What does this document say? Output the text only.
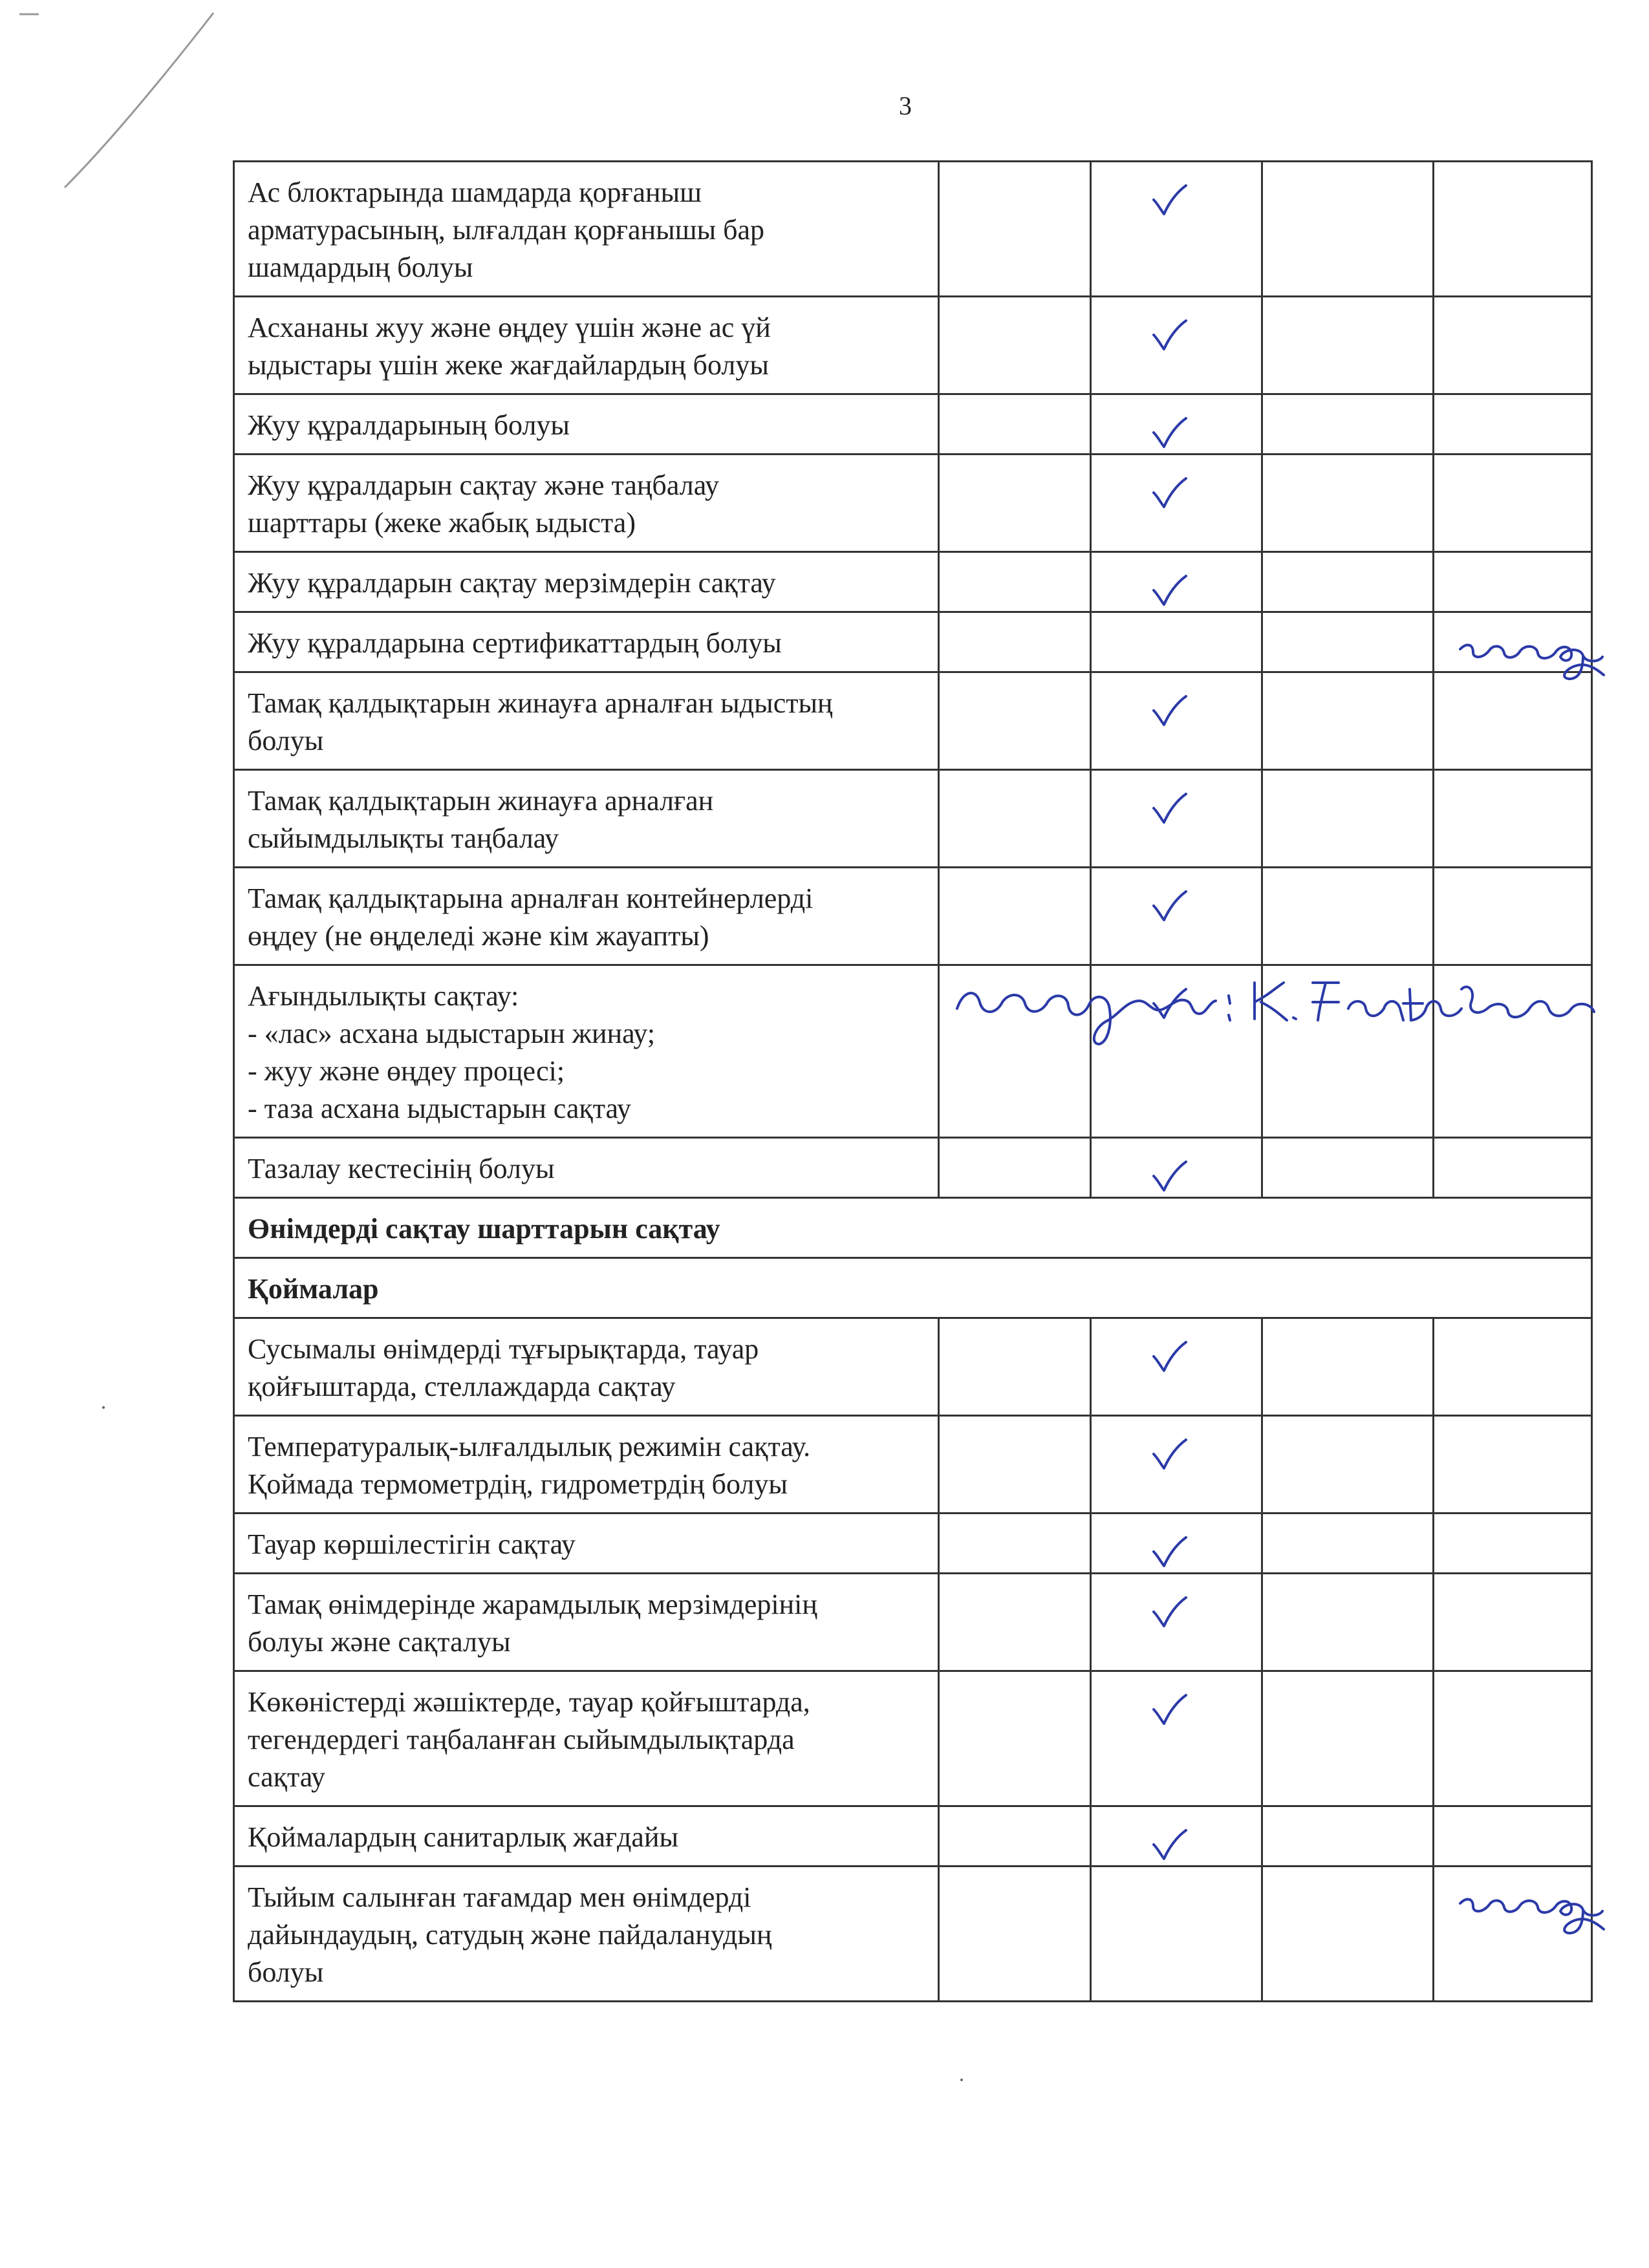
3
Ас блоктарында шамдарда қорғаныш
арматурасының, ылғалдан қорғанышы бар
шамдардың болуы		

Асхананы жуу және өңдеу үшін және ас үй
ыдыстары үшін жеке жағдайлардың болуы		

Жуу құралдарының болуы		

Жуу құралдарын сақтау және таңбалау
шарттары (жеке жабық ыдыста)		

Жуу құралдарын сақтау мерзімдерін сақтау		

Жуу құралдарына сертификаттардың болуы				жоқ

Тамақ қалдықтарын жинауға арналған ыдыстың
болуы		

Тамақ қалдықтарын жинауға арналған
сыйымдылықты таңбалау		

Тамақ қалдықтарына арналған контейнерлерді
өңдеу (не өңделеді және кім жауапты)		

Ағындылықты сақтау:
- «лас» асхана ыдыстарын жинау;
- жуу және өңдеу процесі;
- таза асхана ыдыстарын сақтау		

Тазалау кестесінің болуы		

Өнімдерді сақтау шарттарын сақтау				
Қоймалар				
Сусымалы өнімдерді тұғырықтарда, тауар
қойғыштарда, стеллаждарда сақтау		

Температуралық-ылғалдылық режимін сақтау.
Қоймада термометрдің, гидрометрдің болуы		

Тауар көршілестігін сақтау		

Тамақ өнімдерінде жарамдылық мерзімдерінің
болуы және сақталуы		

Көкөністерді жәшіктерде, тауар қойғыштарда,
тегендердегі таңбаланған сыйымдылықтарда
сақтау		

Қоймалардың санитарлық жағдайы		

Тыйым салынған тағамдар мен өнімдерді
дайындаудың, сатудың және пайдаланудың
болуы				жоқ
жауапты: К. Тахтибаева
